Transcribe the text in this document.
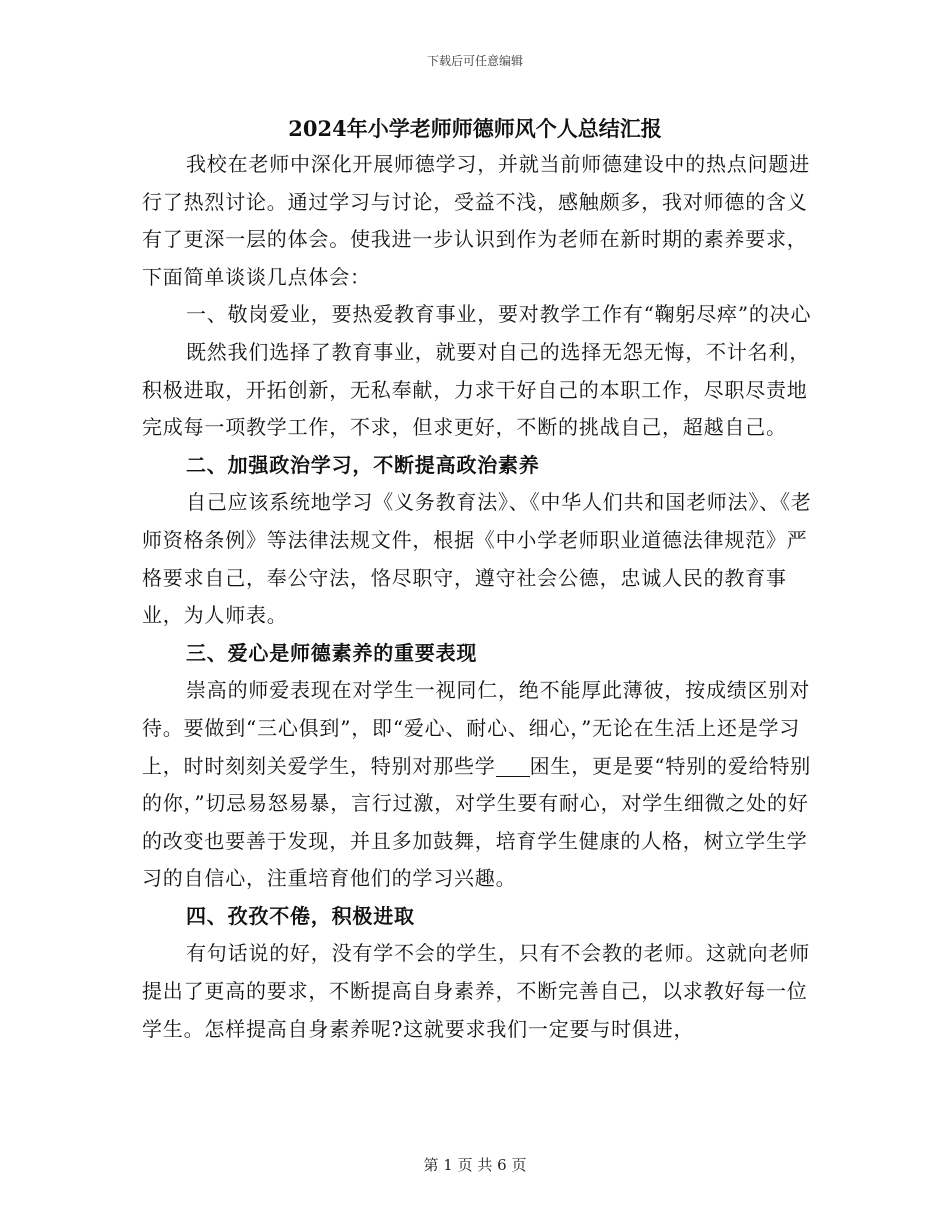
下载后可任意编辑
2024年小学老师师德师风个人总结汇报

我校在老师中深化开展师德学习，并就当前师德建设中的热点问题进行了热烈讨论。通过学习与讨论，受益不浅，感触颇多，我对师德的含义有了更深一层的体会。使我进一步认识到作为老师在新时期的素养要求，下面简单谈谈几点体会：

一、敬岗爱业，要热爱教育事业，要对教学工作有“鞠躬尽瘁”的决心

既然我们选择了教育事业，就要对自己的选择无怨无悔，不计名利，积极进取，开拓创新，无私奉献，力求干好自己的本职工作，尽职尽责地完成每一项教学工作，不求，但求更好，不断的挑战自己，超越自己。

二、加强政治学习，不断提高政治素养

自己应该系统地学习《义务教育法》、《中华人们共和国老师法》、《老师资格条例》等法律法规文件，根据《中小学老师职业道德法律规范》严格要求自己，奉公守法，恪尽职守，遵守社会公德，忠诚人民的教育事业，为人师表。

三、爱心是师德素养的重要表现

崇高的师爱表现在对学生一视同仁，绝不能厚此薄彼，按成绩区别对待。要做到“三心俱到”，即“爱心、耐心、细心，”无论在生活上还是学习上，时时刻刻关爱学生，特别对那些学 困生，更是要“特别的爱给特别的你，”切忌易怒易暴，言行过激，对学生要有耐心，对学生细微之处的好的改变也要善于发现，并且多加鼓舞，培育学生健康的人格，树立学生学习的自信心，注重培育他们的学习兴趣。

四、孜孜不倦，积极进取

有句话说的好，没有学不会的学生，只有不会教的老师。这就向老师提出了更高的要求，不断提高自身素养，不断完善自己，以求教好每一位学生。怎样提高自身素养呢?这就要求我们一定要与时俱进，

第 1 页 共 6 页
